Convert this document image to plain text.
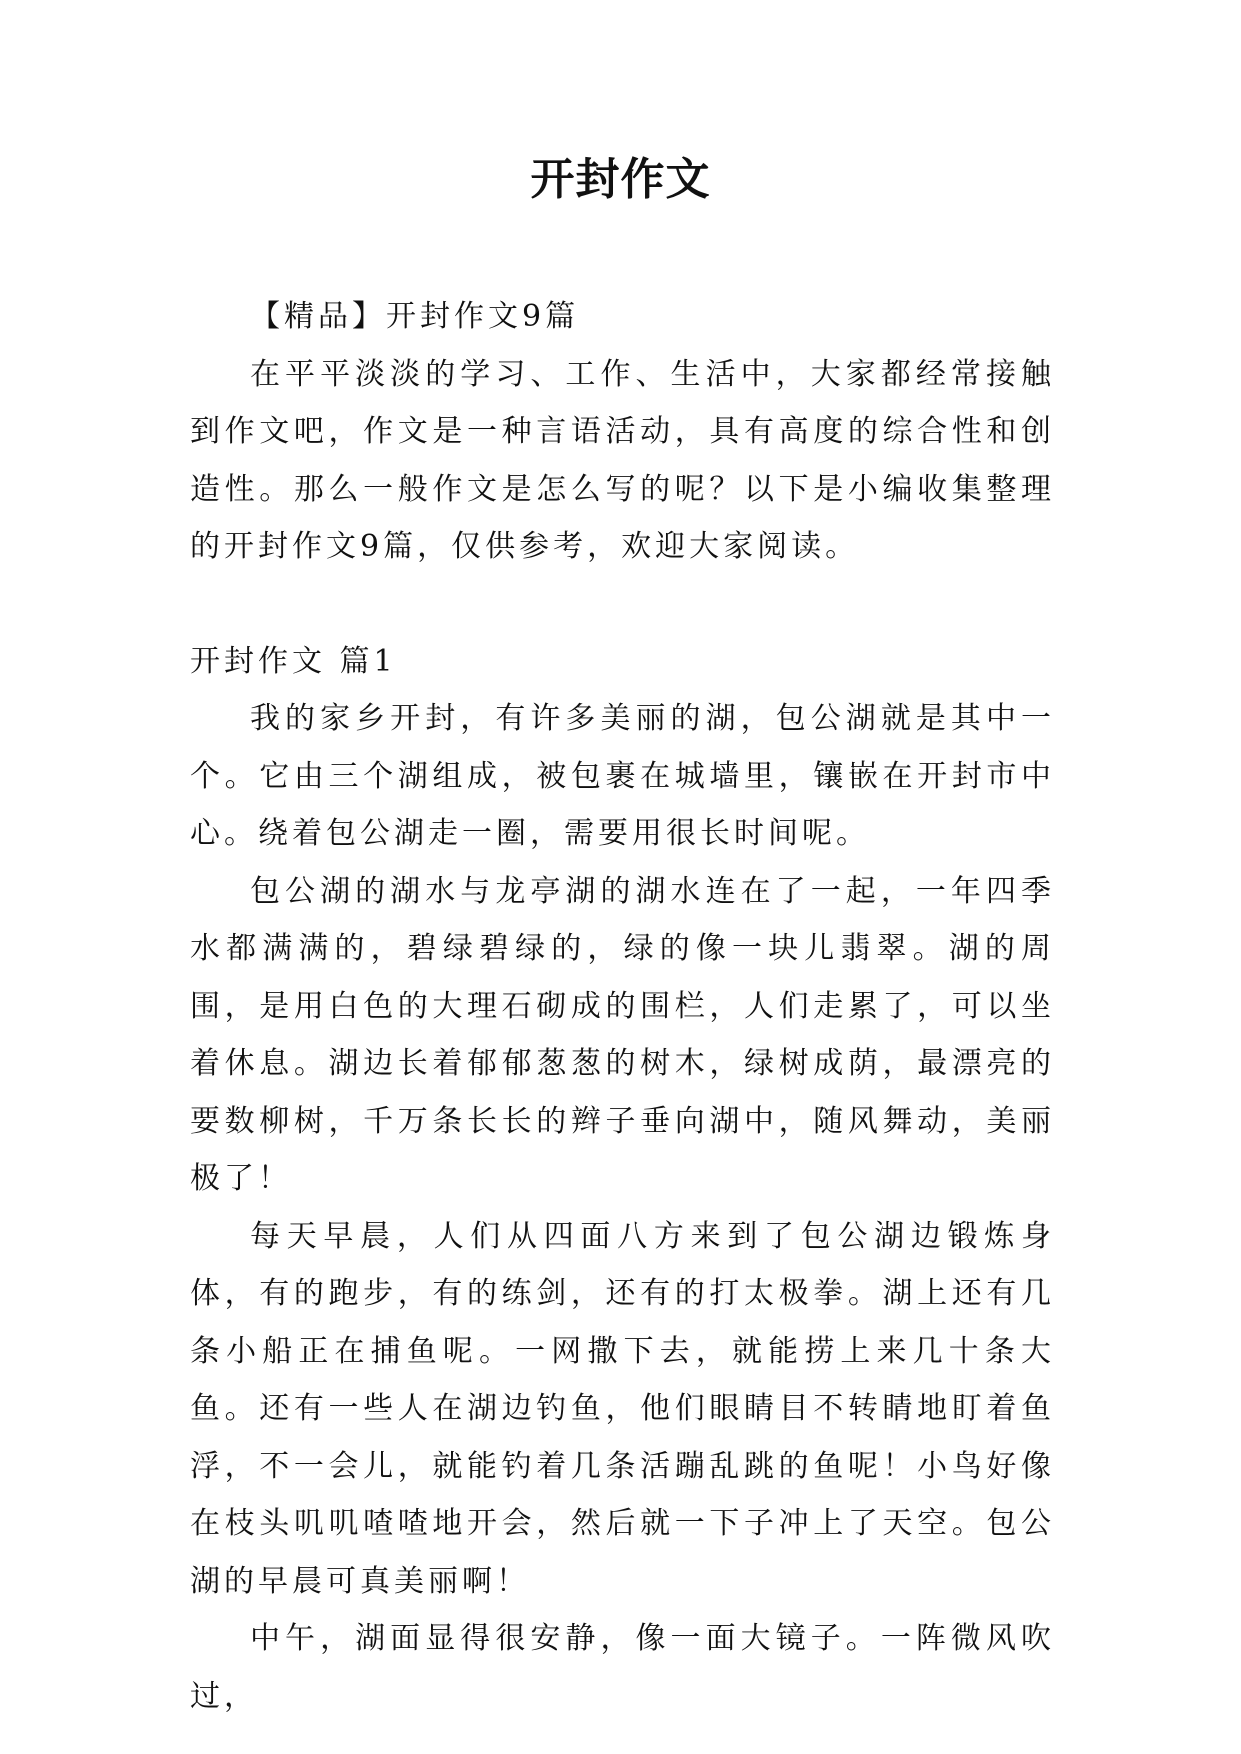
开封作文

【精品】开封作文9篇

在平平淡淡的学习、工作、生活中，大家都经常接触到作文吧，作文是一种言语活动，具有高度的综合性和创造性。那么一般作文是怎么写的呢？以下是小编收集整理的开封作文9篇，仅供参考，欢迎大家阅读。

开封作文 篇1

我的家乡开封，有许多美丽的湖，包公湖就是其中一个。它由三个湖组成，被包裹在城墙里，镶嵌在开封市中心。绕着包公湖走一圈，需要用很长时间呢。

包公湖的湖水与龙亭湖的湖水连在了一起，一年四季水都满满的，碧绿碧绿的，绿的像一块儿翡翠。湖的周围，是用白色的大理石砌成的围栏，人们走累了，可以坐着休息。湖边长着郁郁葱葱的树木，绿树成荫，最漂亮的要数柳树，千万条长长的辫子垂向湖中，随风舞动，美丽极了！

每天早晨，人们从四面八方来到了包公湖边锻炼身体，有的跑步，有的练剑，还有的打太极拳。湖上还有几条小船正在捕鱼呢。一网撒下去，就能捞上来几十条大鱼。还有一些人在湖边钓鱼，他们眼睛目不转睛地盯着鱼浮，不一会儿，就能钓着几条活蹦乱跳的鱼呢！小鸟好像在枝头叽叽喳喳地开会，然后就一下子冲上了天空。包公湖的早晨可真美丽啊！

中午，湖面显得很安静，像一面大镜子。一阵微风吹过，
